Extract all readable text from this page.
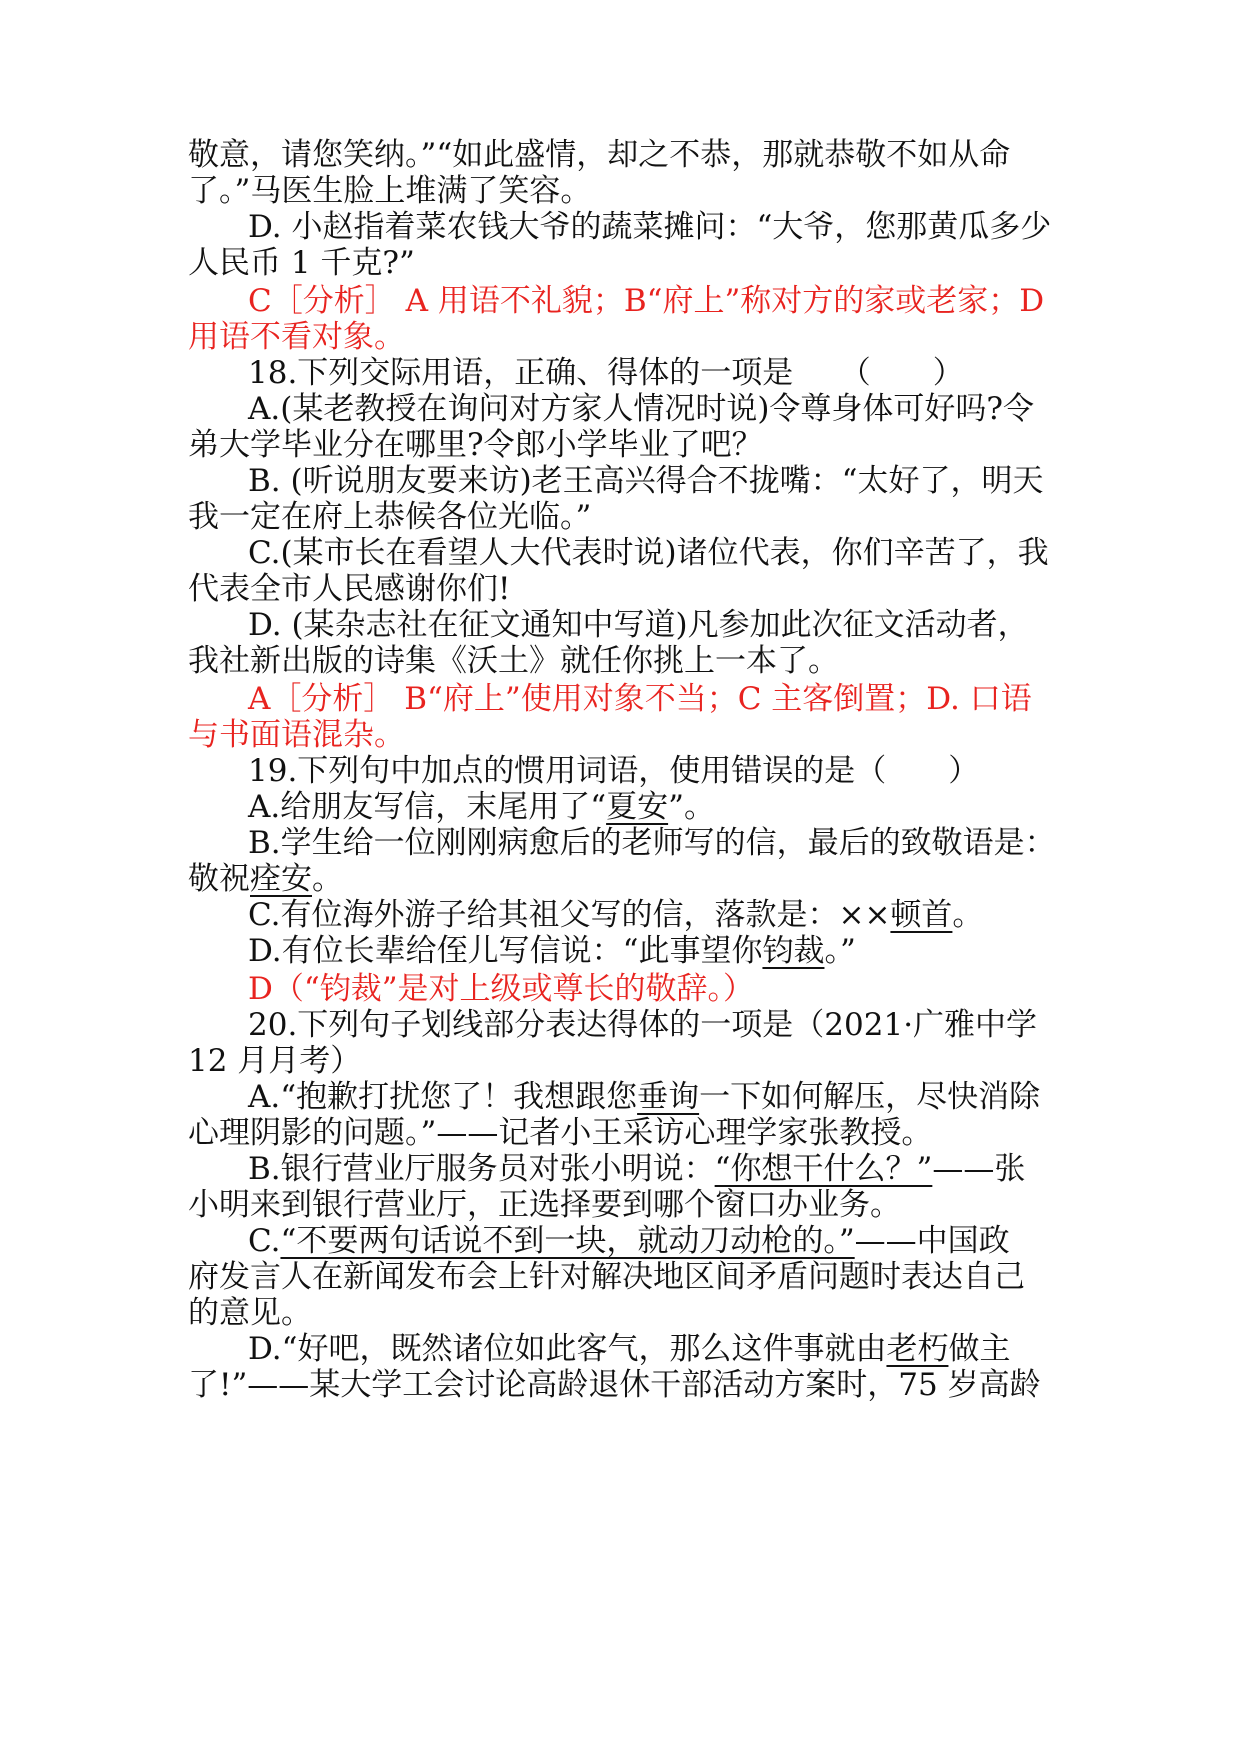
敬意，请您笑纳。”“如此盛情，却之不恭，那就恭敬不如从命
了。”马医生脸上堆满了笑容。
D. 小赵指着菜农钱大爷的蔬菜摊问：“大爷，您那黄瓜多少
人民币 1 千克?”
C［分析］ A 用语不礼貌；B“府上”称对方的家或老家；D
用语不看对象。
18.下列交际用语，正确、得体的一项是　　（　　）
A.(某老教授在询问对方家人情况时说)令尊身体可好吗?令
弟大学毕业分在哪里?令郎小学毕业了吧？
B. (听说朋友要来访)老王高兴得合不拢嘴：“太好了，明天
我一定在府上恭候各位光临。”
C.(某市长在看望人大代表时说)诸位代表，你们辛苦了，我
代表全市人民感谢你们!
D. (某杂志社在征文通知中写道)凡参加此次征文活动者，
我社新出版的诗集《沃土》就任你挑上一本了。
A［分析］ B“府上”使用对象不当；C 主客倒置；D. 口语
与书面语混杂。
19.下列句中加点的惯用词语，使用错误的是（　　）
A.给朋友写信，末尾用了“夏安”。
B.学生给一位刚刚病愈后的老师写的信，最后的致敬语是：
敬祝痊安。
C.有位海外游子给其祖父写的信，落款是：××顿首。
D.有位长辈给侄儿写信说：“此事望你钧裁。”
D（“钧裁”是对上级或尊长的敬辞。）
20.下列句子划线部分表达得体的一项是（2021·广雅中学
12 月月考）
A.“抱歉打扰您了！我想跟您垂询一下如何解压，尽快消除
心理阴影的问题。”——记者小王采访心理学家张教授。
B.银行营业厅服务员对张小明说：“你想干什么？”——张
小明来到银行营业厅，正选择要到哪个窗口办业务。
C.“不要两句话说不到一块，就动刀动枪的。”——中国政
府发言人在新闻发布会上针对解决地区间矛盾问题时表达自己
的意见。
D.“好吧，既然诸位如此客气，那么这件事就由老朽做主
了!”——某大学工会讨论高龄退休干部活动方案时，75 岁高龄
